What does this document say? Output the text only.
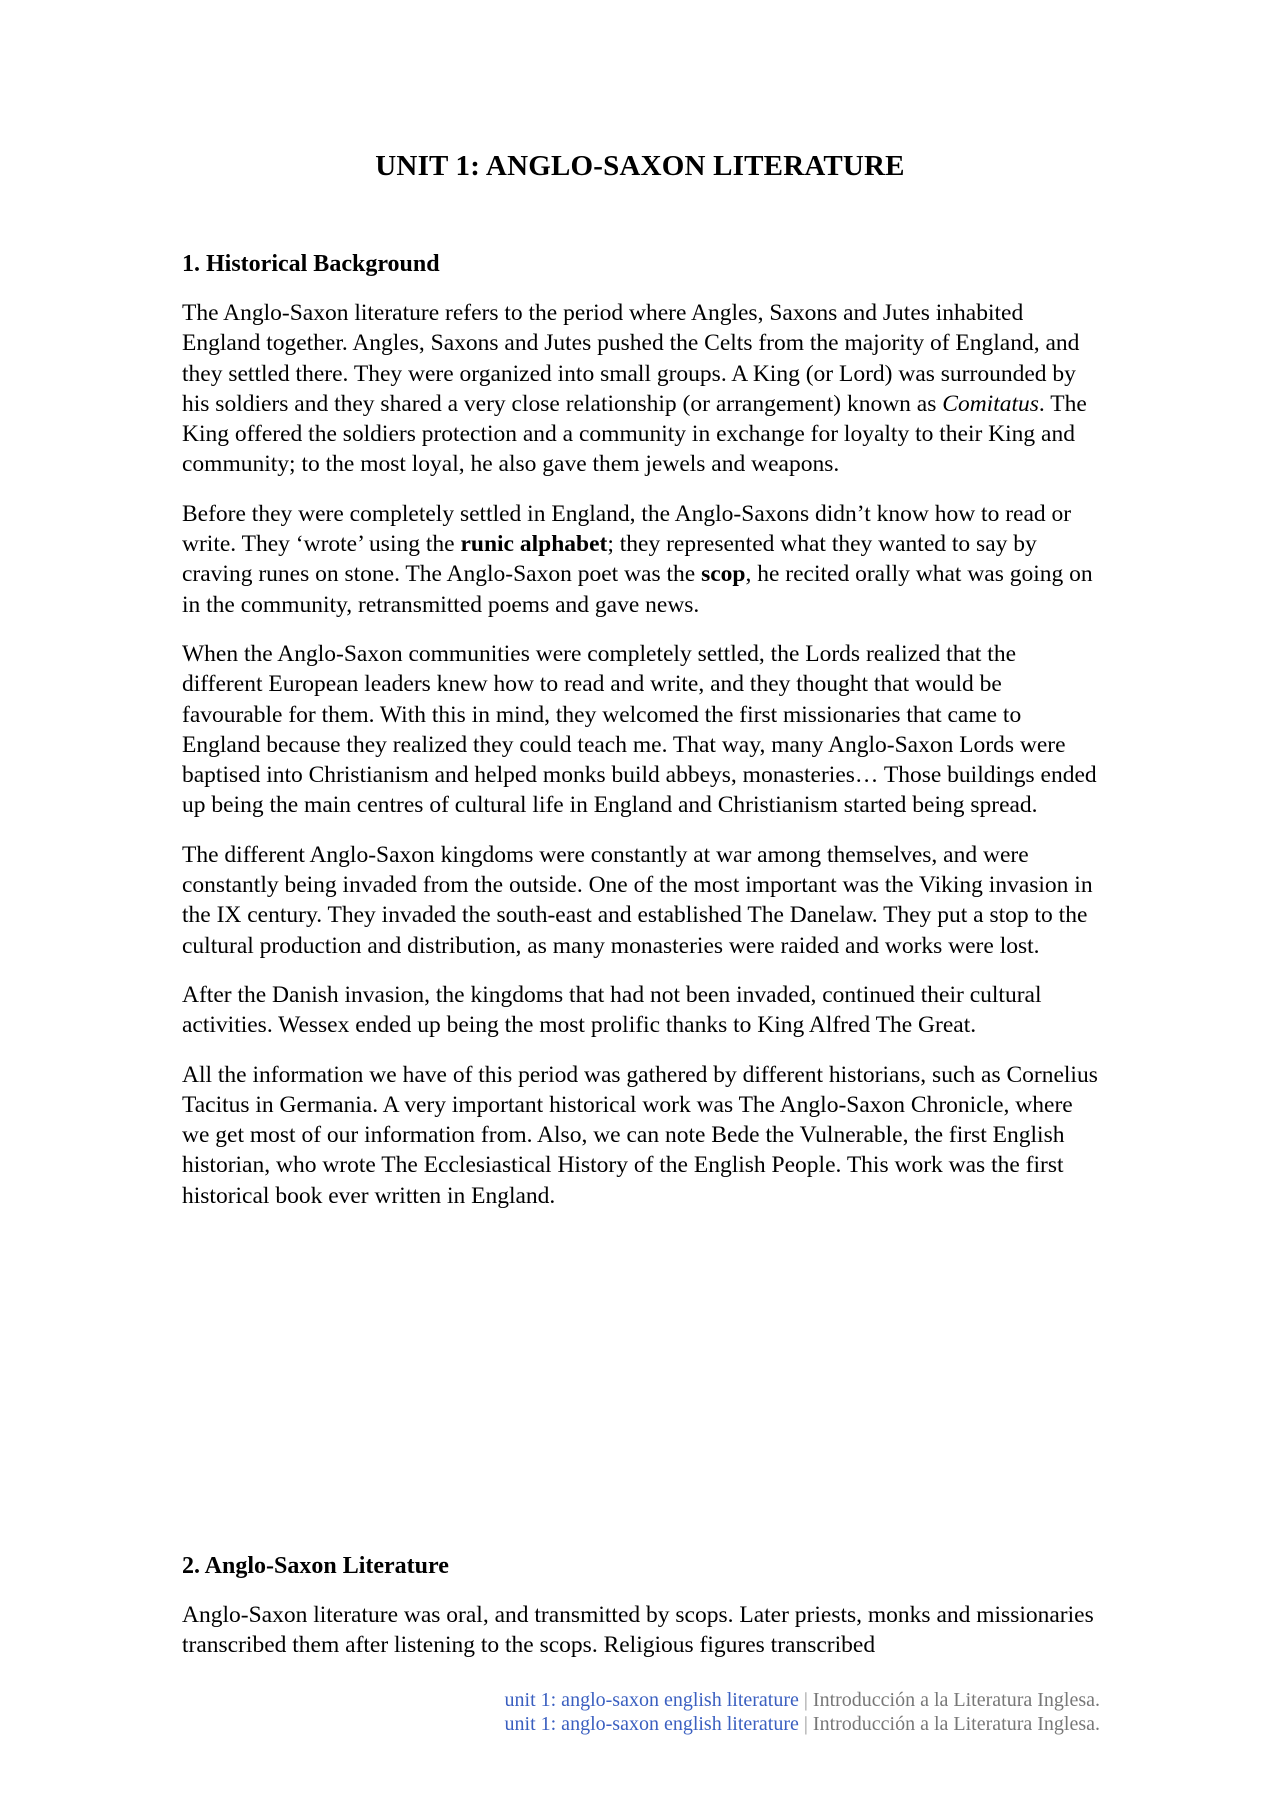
UNIT 1: ANGLO-SAXON LITERATURE
1. Historical Background

The Anglo-Saxon literature refers to the period where Angles, Saxons and Jutes inhabited England together. Angles, Saxons and Jutes pushed the Celts from the majority of England, and they settled there. They were organized into small groups. A King (or Lord) was surrounded by his soldiers and they shared a very close relationship (or arrangement) known as Comitatus. The King offered the soldiers protection and a community in exchange for loyalty to their King and community; to the most loyal, he also gave them jewels and weapons.

Before they were completely settled in England, the Anglo-Saxons didn’t know how to read or write. They ‘wrote’ using the runic alphabet; they represented what they wanted to say by craving runes on stone. The Anglo-Saxon poet was the scop, he recited orally what was going on in the community, retransmitted poems and gave news.

When the Anglo-Saxon communities were completely settled, the Lords realized that the different European leaders knew how to read and write, and they thought that would be favourable for them. With this in mind, they welcomed the first missionaries that came to England because they realized they could teach me. That way, many Anglo-Saxon Lords were baptised into Christianism and helped monks build abbeys, monasteries… Those buildings ended up being the main centres of cultural life in England and Christianism started being spread.

The different Anglo-Saxon kingdoms were constantly at war among themselves, and were constantly being invaded from the outside. One of the most important was the Viking invasion in the IX century. They invaded the south-east and established The Danelaw. They put a stop to the cultural production and distribution, as many monasteries were raided and works were lost.

After the Danish invasion, the kingdoms that had not been invaded, continued their cultural activities. Wessex ended up being the most prolific thanks to King Alfred The Great.

All the information we have of this period was gathered by different historians, such as Cornelius Tacitus in Germania. A very important historical work was The Anglo-Saxon Chronicle, where we get most of our information from. Also, we can note Bede the Vulnerable, the first English historian, who wrote The Ecclesiastical History of the English People. This work was the first historical book ever written in England.

2. Anglo-Saxon Literature

Anglo-Saxon literature was oral, and transmitted by scops. Later priests, monks and missionaries transcribed them after listening to the scops. Religious figures transcribed

unit 1: anglo-saxon english literature | Introducción a la Literatura Inglesa.
unit 1: anglo-saxon english literature | Introducción a la Literatura Inglesa.
